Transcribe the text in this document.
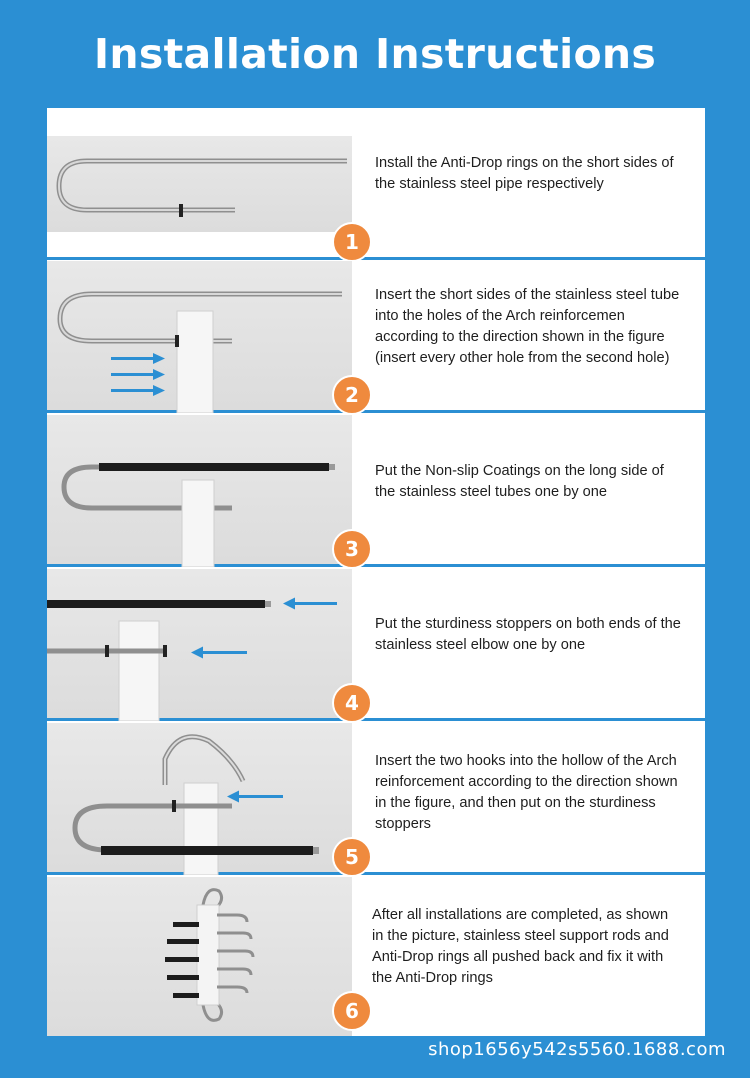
Installation Instructions
Install the Anti-Drop rings on the short sides of the stainless steel pipe respectively
1
Insert the short sides of the stainless steel tube into the holes of the Arch reinforcemen according to the direction shown in the figure (insert every other hole from the second hole)
2
Put the Non-slip Coatings on the long side of the stainless steel tubes one by one
3
Put the sturdiness stoppers on both ends of the stainless steel elbow one by one
4
Insert the two hooks into the hollow of the Arch reinforcement according to the direction shown in the figure, and then put on the sturdiness stoppers
5
After all installations are completed, as shown in the picture, stainless steel support rods and Anti-Drop rings all pushed back and fix it with the Anti-Drop rings
6
shop1656y542s5560.1688.com
